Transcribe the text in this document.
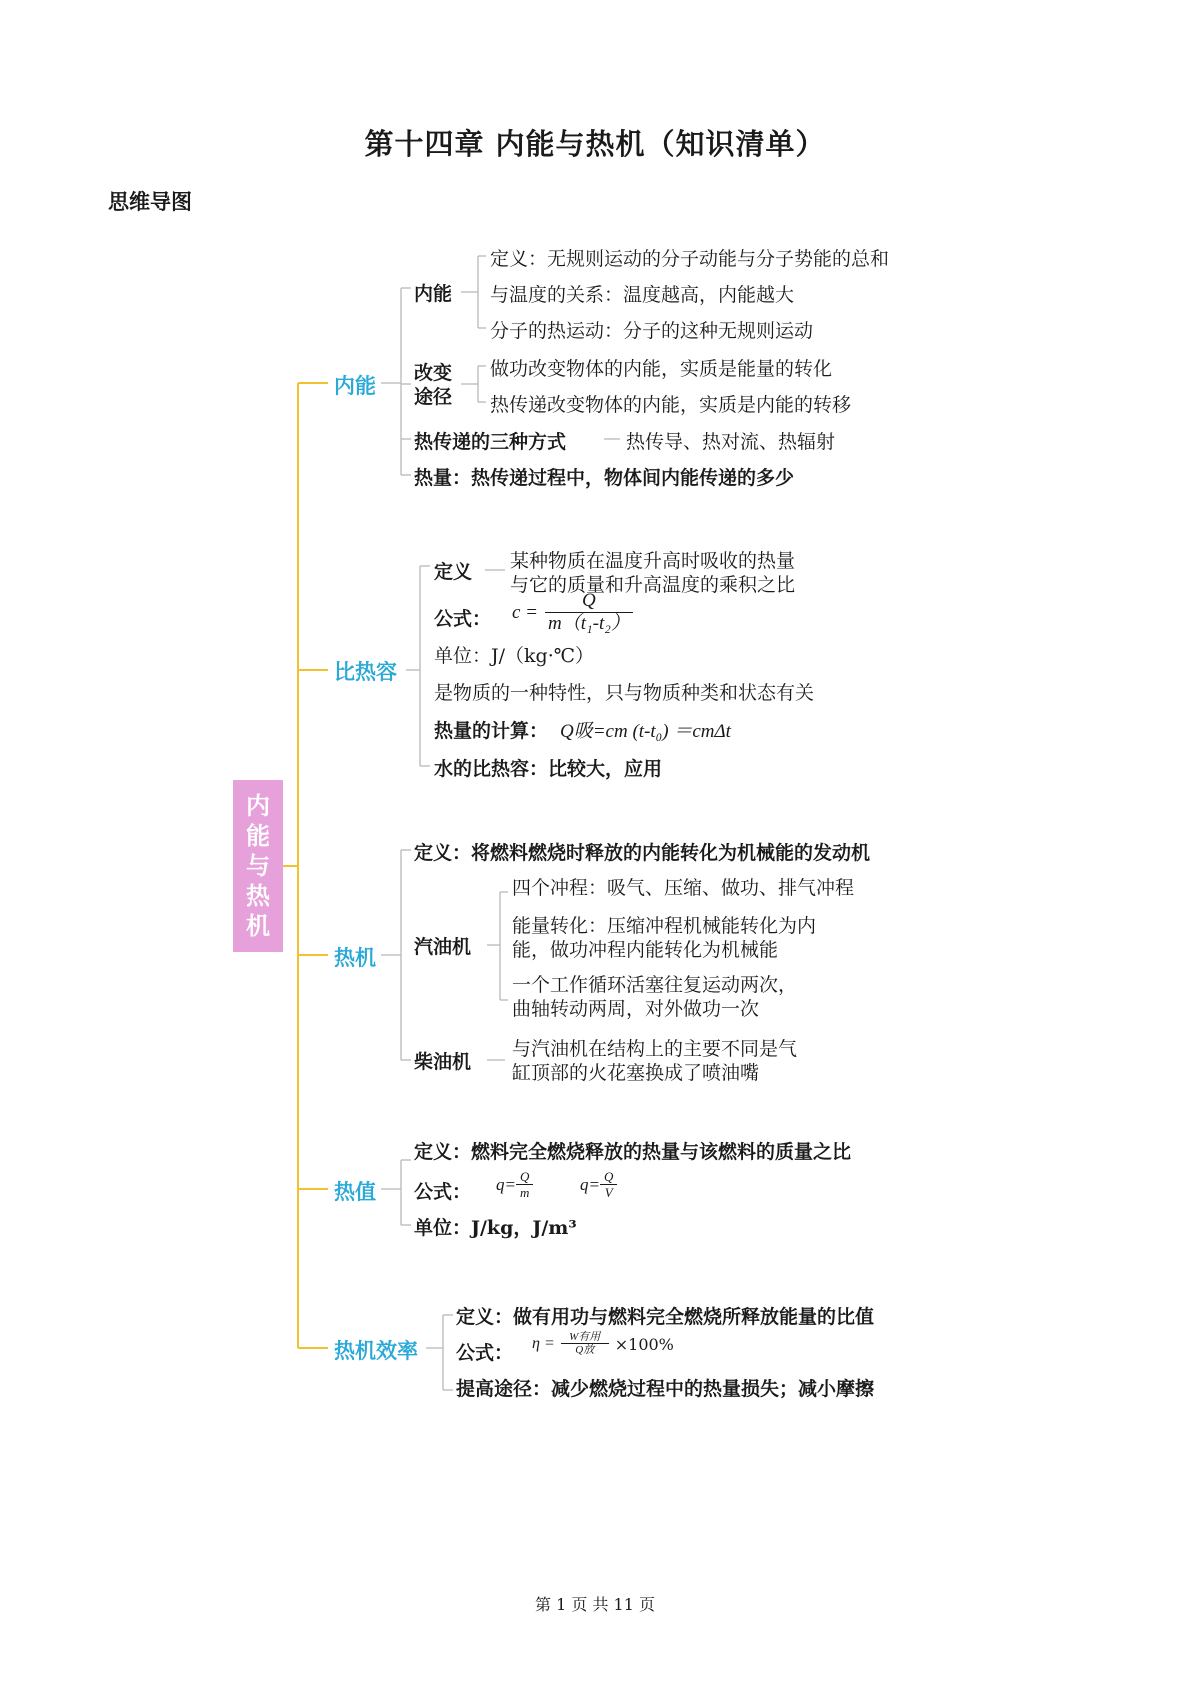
第十四章 内能与热机（知识清单）
思维导图
内
能
与
热
机
内能
内能
定义：无规则运动的分子动能与分子势能的总和
与温度的关系：温度越高，内能越大
分子的热运动：分子的这种无规则运动
改变
途径
做功改变物体的内能，实质是能量的转化
热传递改变物体的内能，实质是内能的转移
热传递的三种方式	热传导、热对流、热辐射
热量：热传递过程中，物体间内能传递的多少
比热容
定义 某种物质在温度升高时吸收的热量
与它的质量和升高温度的乘积之比
公式： $c = \frac{Q}{\text{m（t₁-t₂）}}$
单位：J/（kg·℃）
是物质的一种特性，只与物质种类和状态有关
热量的计算： Q吸=cm (t-t₀) ＝cmΔt
水的比热容：比较大，应用
热机
定义：将燃料燃烧时释放的内能转化为机械能的发动机
汽油机
四个冲程：吸气、压缩、做功、排气冲程
能量转化：压缩冲程机械能转化为内
能，做功冲程内能转化为机械能
一个工作循环活塞往复运动两次，
曲轴转动两周，对外做功一次
柴油机
与汽油机在结构上的主要不同是气
缸顶部的火花塞换成了喷油嘴
热值
定义：燃料完全燃烧释放的热量与该燃料的质量之比
公式： $q= \frac{Q}{m}$	$q= \frac{Q}{V}$
单位：J/kg，J/m³
热机效率
定义：做有用功与燃料完全燃烧所释放能量的比值
公式： $\eta = \frac{\text{W有用}}{\text{Q放}} \times 100\%$
提高途径：减少燃烧过程中的热量损失；减小摩擦
第 1 页 共 11 页
